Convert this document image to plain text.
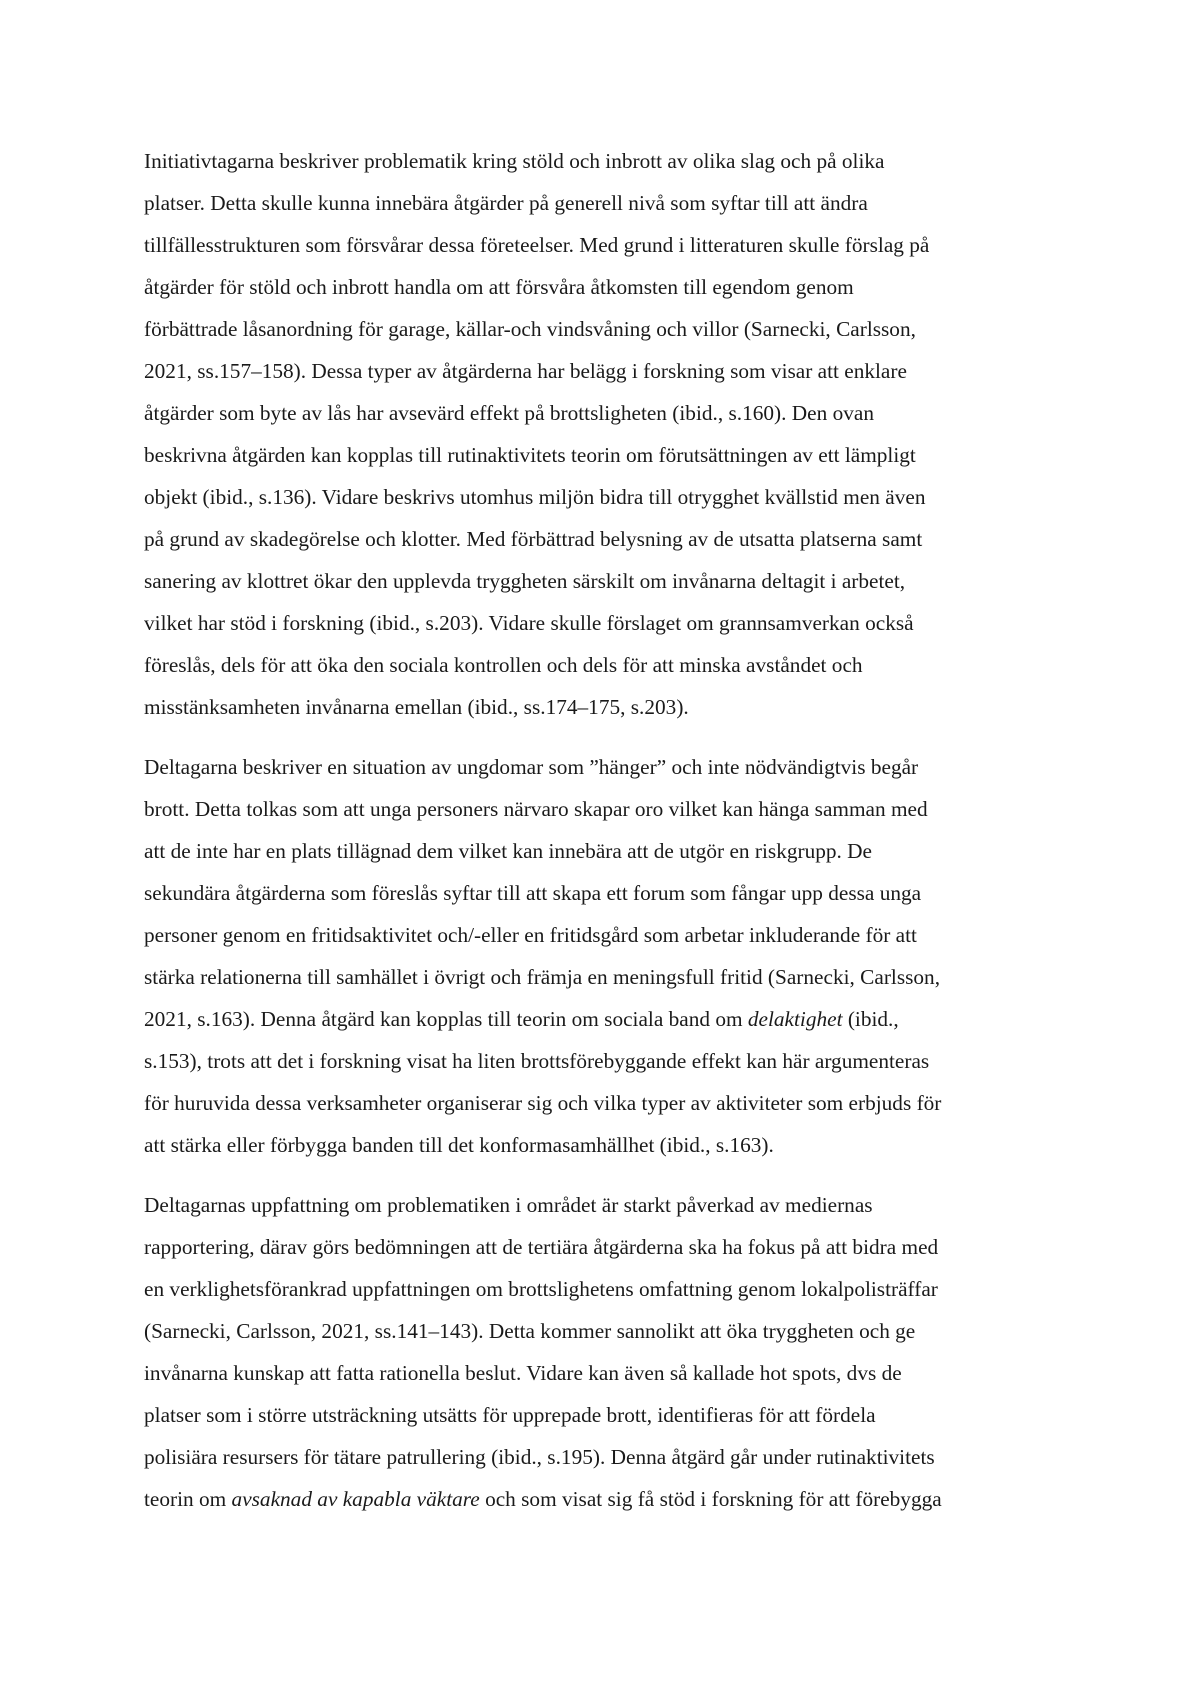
Initiativtagarna beskriver problematik kring stöld och inbrott av olika slag och på olika
platser. Detta skulle kunna innebära åtgärder på generell nivå som syftar till att ändra
tillfällesstrukturen som försvårar dessa företeelser. Med grund i litteraturen skulle förslag på
åtgärder för stöld och inbrott handla om att försvåra åtkomsten till egendom genom
förbättrade låsanordning för garage, källar-och vindsvåning och villor (Sarnecki, Carlsson,
2021, ss.157–158). Dessa typer av åtgärderna har belägg i forskning som visar att enklare
åtgärder som byte av lås har avsevärd effekt på brottsligheten (ibid., s.160). Den ovan
beskrivna åtgärden kan kopplas till rutinaktivitets teorin om förutsättningen av ett lämpligt
objekt (ibid., s.136). Vidare beskrivs utomhus miljön bidra till otrygghet kvällstid men även
på grund av skadegörelse och klotter. Med förbättrad belysning av de utsatta platserna samt
sanering av klottret ökar den upplevda tryggheten särskilt om invånarna deltagit i arbetet,
vilket har stöd i forskning (ibid., s.203). Vidare skulle förslaget om grannsamverkan också
föreslås, dels för att öka den sociala kontrollen och dels för att minska avståndet och
misstänksamheten invånarna emellan (ibid., ss.174–175, s.203).

Deltagarna beskriver en situation av ungdomar som ”hänger” och inte nödvändigtvis begår
brott. Detta tolkas som att unga personers närvaro skapar oro vilket kan hänga samman med
att de inte har en plats tillägnad dem vilket kan innebära att de utgör en riskgrupp. De
sekundära åtgärderna som föreslås syftar till att skapa ett forum som fångar upp dessa unga
personer genom en fritidsaktivitet och/-eller en fritidsgård som arbetar inkluderande för att
stärka relationerna till samhället i övrigt och främja en meningsfull fritid (Sarnecki, Carlsson,
2021, s.163). Denna åtgärd kan kopplas till teorin om sociala band om delaktighet (ibid.,
s.153), trots att det i forskning visat ha liten brottsförebyggande effekt kan här argumenteras
för huruvida dessa verksamheter organiserar sig och vilka typer av aktiviteter som erbjuds för
att stärka eller förbygga banden till det konformasamhällhet (ibid., s.163).

Deltagarnas uppfattning om problematiken i området är starkt påverkad av mediernas
rapportering, därav görs bedömningen att de tertiära åtgärderna ska ha fokus på att bidra med
en verklighetsförankrad uppfattningen om brottslighetens omfattning genom lokalpolisträffar
(Sarnecki, Carlsson, 2021, ss.141–143). Detta kommer sannolikt att öka tryggheten och ge
invånarna kunskap att fatta rationella beslut. Vidare kan även så kallade hot spots, dvs de
platser som i större utsträckning utsätts för upprepade brott, identifieras för att fördela
polisiära resursers för tätare patrullering (ibid., s.195). Denna åtgärd går under rutinaktivitets
teorin om avsaknad av kapabla väktare och som visat sig få stöd i forskning för att förebygga
